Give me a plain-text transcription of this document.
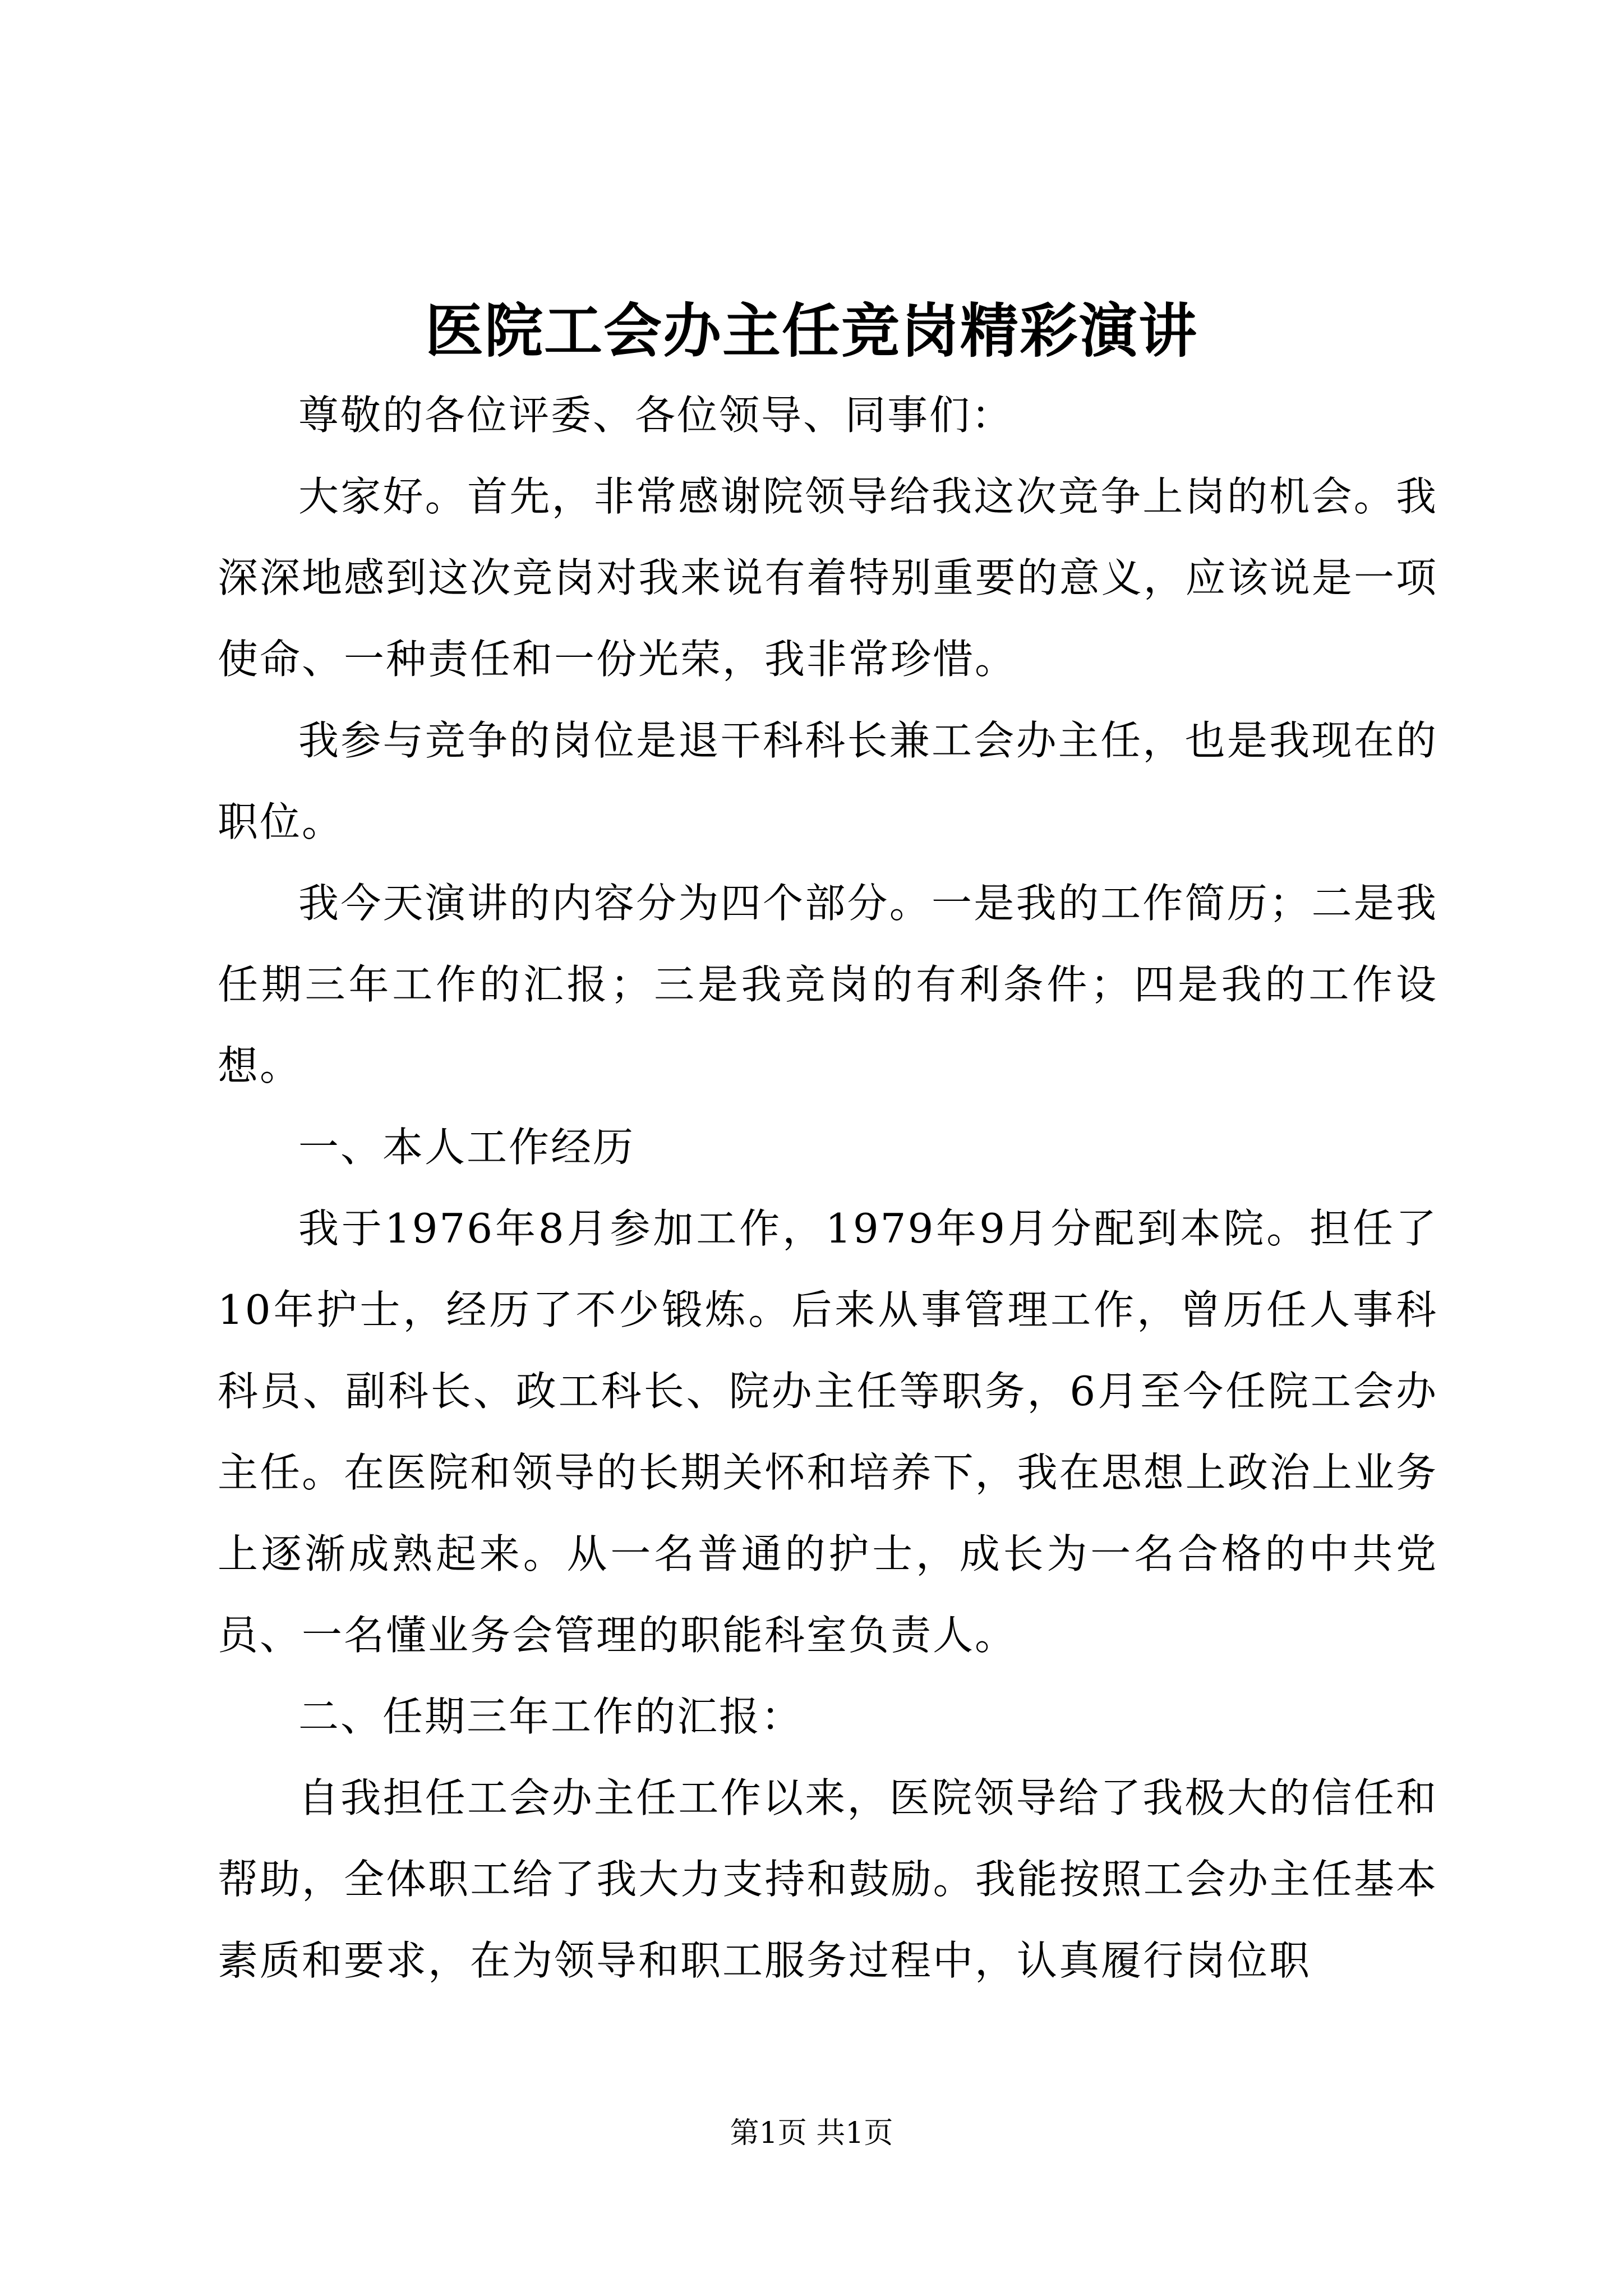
医院工会办主任竞岗精彩演讲

尊敬的各位评委、各位领导、同事们：

大家好。首先，非常感谢院领导给我这次竞争上岗的机会。我深深地感到这次竞岗对我来说有着特别重要的意义，应该说是一项使命、一种责任和一份光荣，我非常珍惜。

我参与竞争的岗位是退干科科长兼工会办主任，也是我现在的职位。

我今天演讲的内容分为四个部分。一是我的工作简历；二是我任期三年工作的汇报；三是我竞岗的有利条件；四是我的工作设想。

一、本人工作经历

我于1976年8月参加工作，1979年9月分配到本院。担任了10年护士，经历了不少锻炼。后来从事管理工作，曾历任人事科科员、副科长、政工科长、院办主任等职务，6月至今任院工会办主任。在医院和领导的长期关怀和培养下，我在思想上政治上业务上逐渐成熟起来。从一名普通的护士，成长为一名合格的中共党员、一名懂业务会管理的职能科室负责人。

二、任期三年工作的汇报：

自我担任工会办主任工作以来，医院领导给了我极大的信任和帮助，全体职工给了我大力支持和鼓励。我能按照工会办主任基本素质和要求，在为领导和职工服务过程中，认真履行岗位职

第1页 共1页
